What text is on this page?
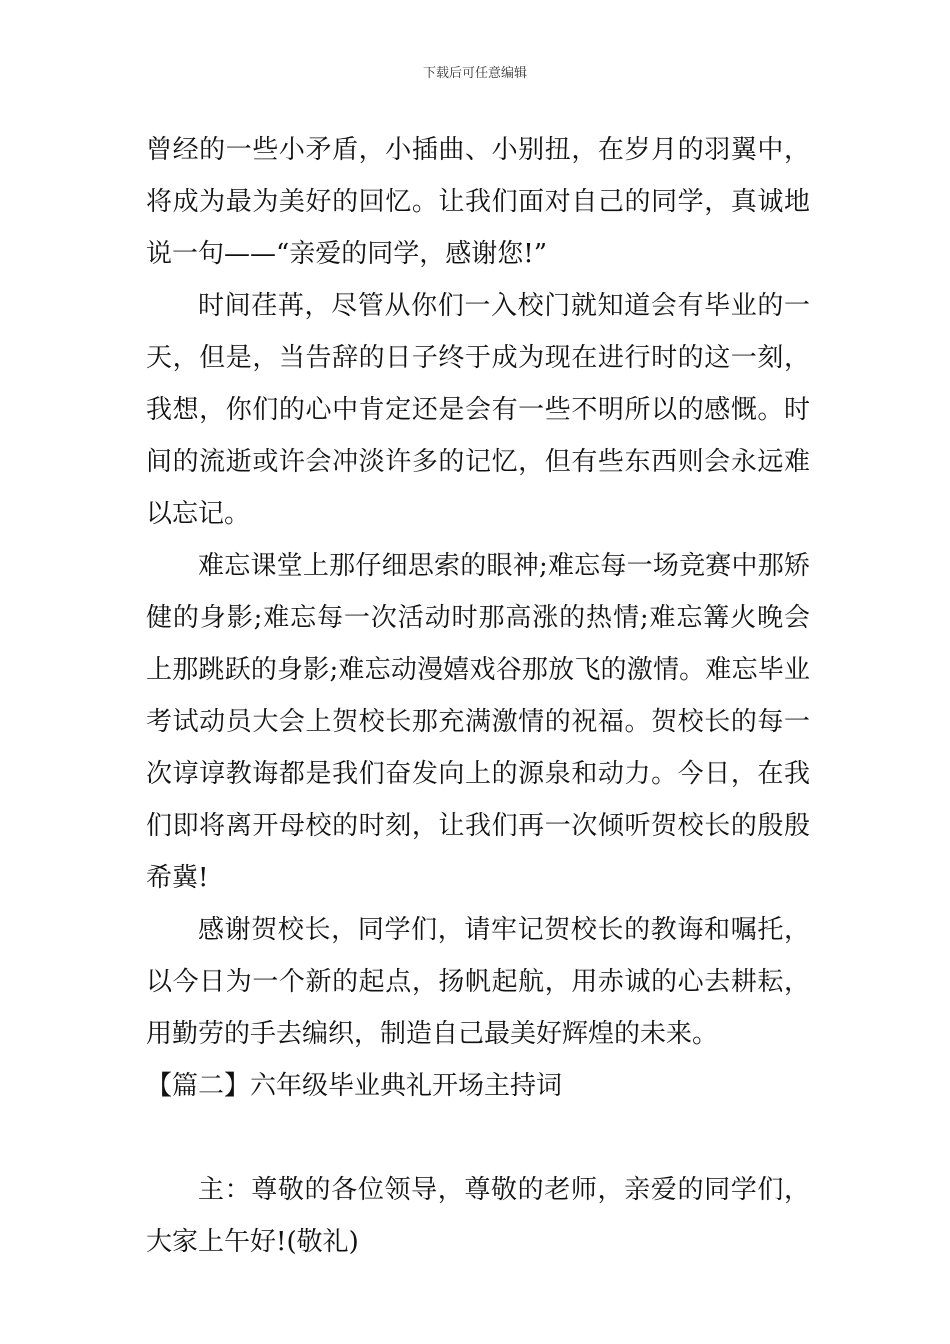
下载后可任意编辑

曾经的一些小矛盾，小插曲、小别扭，在岁月的羽翼中，将成为最为美好的回忆。让我们面对自己的同学，真诚地说一句——“亲爱的同学，感谢您!”

时间荏苒，尽管从你们一入校门就知道会有毕业的一天，但是，当告辞的日子终于成为现在进行时的这一刻，我想，你们的心中肯定还是会有一些不明所以的感慨。时间的流逝或许会冲淡许多的记忆，但有些东西则会永远难以忘记。

难忘课堂上那仔细思索的眼神;难忘每一场竞赛中那矫健的身影;难忘每一次活动时那高涨的热情;难忘篝火晚会上那跳跃的身影;难忘动漫嬉戏谷那放飞的激情。难忘毕业考试动员大会上贺校长那充满激情的祝福。贺校长的每一次谆谆教诲都是我们奋发向上的源泉和动力。今日，在我们即将离开母校的时刻，让我们再一次倾听贺校长的殷殷希冀!

感谢贺校长，同学们，请牢记贺校长的教诲和嘱托，以今日为一个新的起点，扬帆起航，用赤诚的心去耕耘，用勤劳的手去编织，制造自己最美好辉煌的未来。

【篇二】六年级毕业典礼开场主持词

主：尊敬的各位领导，尊敬的老师，亲爱的同学们，大家上午好!(敬礼)
